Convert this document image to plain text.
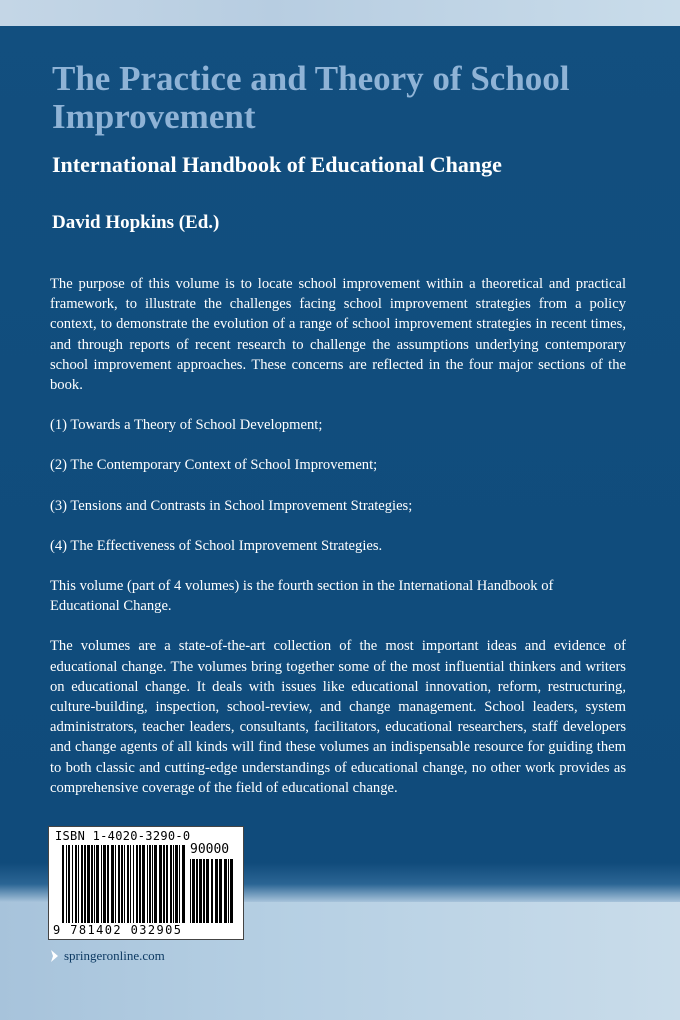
The Practice and Theory of School Improvement
International Handbook of Educational Change
David Hopkins (Ed.)

The purpose of this volume is to locate school improvement within a theoretical and practical framework, to illustrate the challenges facing school improvement strategies from a policy context, to demonstrate the evolution of a range of school improvement strategies in recent times, and through reports of recent research to challenge the assumptions underlying contemporary school improvement approaches. These concerns are reflected in the four major sections of the book.

(1) Towards a Theory of School Development;

(2) The Contemporary Context of School Improvement;

(3) Tensions and Contrasts in School Improvement Strategies;

(4) The Effectiveness of School Improvement Strategies.

This volume (part of 4 volumes) is the fourth section in the International Handbook of Educational Change.

The volumes are a state-of-the-art collection of the most important ideas and evidence of educational change. The volumes bring together some of the most influential thinkers and writers on educational change. It deals with issues like educational innovation, reform, restructuring, culture-building, inspection, school-review, and change management. School leaders, system administrators, teacher leaders, consultants, facilitators, educational researchers, staff developers and change agents of all kinds will find these volumes an indispensable resource for guiding them to both classic and cutting-edge understandings of educational change, no other work provides as comprehensive coverage of the field of educational change.

ISBN 1-4020-3290-0
90000
9 781402 032905
springeronline.com
